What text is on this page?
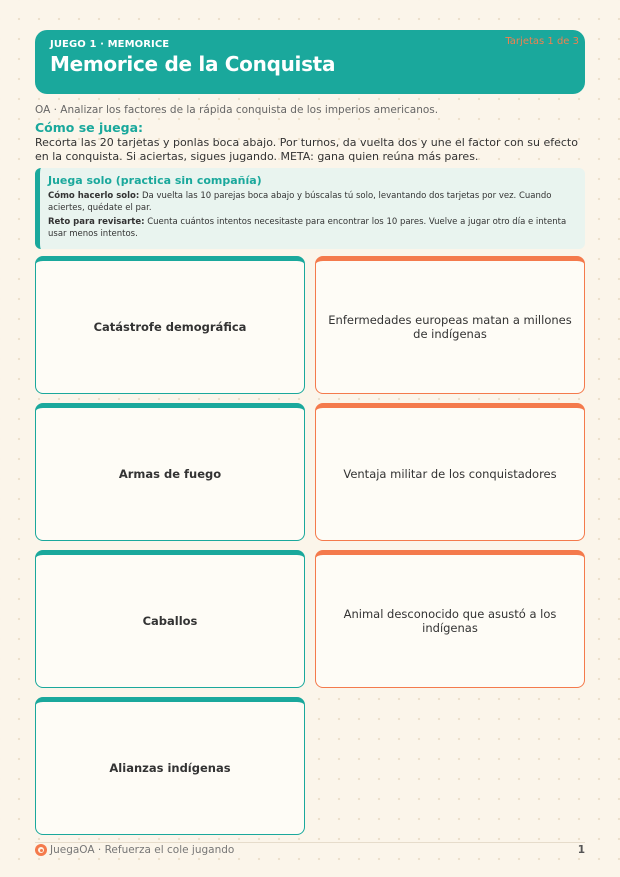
JUEGO 1 · MEMORICE
Memorice de la Conquista
Tarjetas 1 de 3
OA · Analizar los factores de la rápida conquista de los imperios americanos.
Cómo se juega:
Recorta las 20 tarjetas y ponlas boca abajo. Por turnos, da vuelta dos y une el factor con su efecto en la conquista. Si aciertas, sigues jugando. META: gana quien reúna más pares.
Juega solo (practica sin compañía)
Cómo hacerlo solo: Da vuelta las 10 parejas boca abajo y búscalas tú solo, levantando dos tarjetas por vez. Cuando aciertes, quédate el par.
Reto para revisarte: Cuenta cuántos intentos necesitaste para encontrar los 10 pares. Vuelve a jugar otro día e intenta usar menos intentos.
Catástrofe demográfica	Enfermedades europeas matan a millones de indígenas
Armas de fuego	Ventaja militar de los conquistadores
Caballos	Animal desconocido que asustó a los indígenas
Alianzas indígenas
JuegaOA · Refuerza el cole jugando	1
